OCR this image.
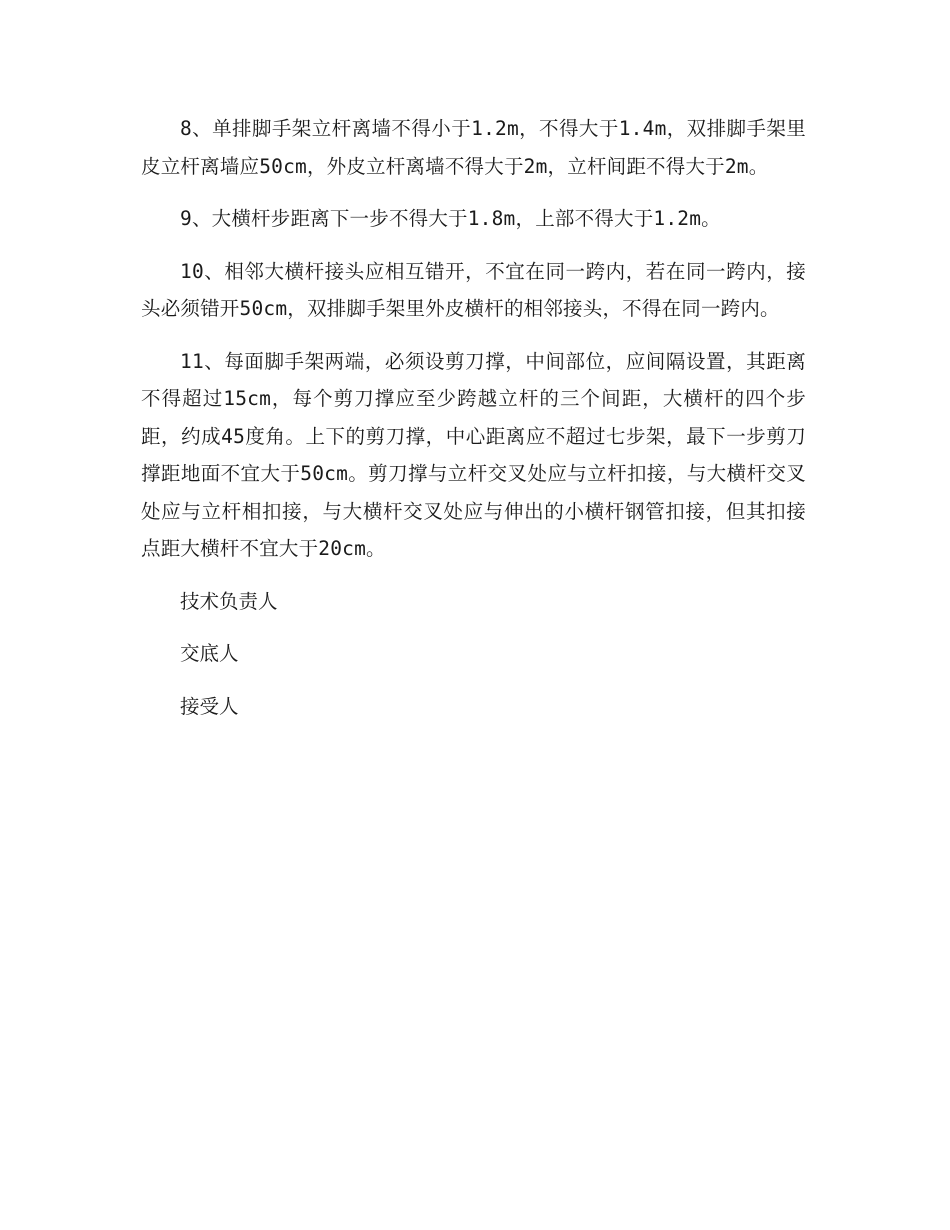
8、单排脚手架立杆离墙不得小于1.2m，不得大于1.4m，双排脚手架里皮立杆离墙应50cm，外皮立杆离墙不得大于2m，立杆间距不得大于2m。

9、大横杆步距离下一步不得大于1.8m，上部不得大于1.2m。

10、相邻大横杆接头应相互错开，不宜在同一跨内，若在同一跨内，接头必须错开50cm，双排脚手架里外皮横杆的相邻接头，不得在同一跨内。

11、每面脚手架两端，必须设剪刀撑，中间部位，应间隔设置，其距离不得超过15cm，每个剪刀撑应至少跨越立杆的三个间距，大横杆的四个步距，约成45度角。上下的剪刀撑，中心距离应不超过七步架，最下一步剪刀撑距地面不宜大于50cm。剪刀撑与立杆交叉处应与立杆扣接，与大横杆交叉处应与立杆相扣接，与大横杆交叉处应与伸出的小横杆钢管扣接，但其扣接点距大横杆不宜大于20cm。

技术负责人

交底人

接受人
